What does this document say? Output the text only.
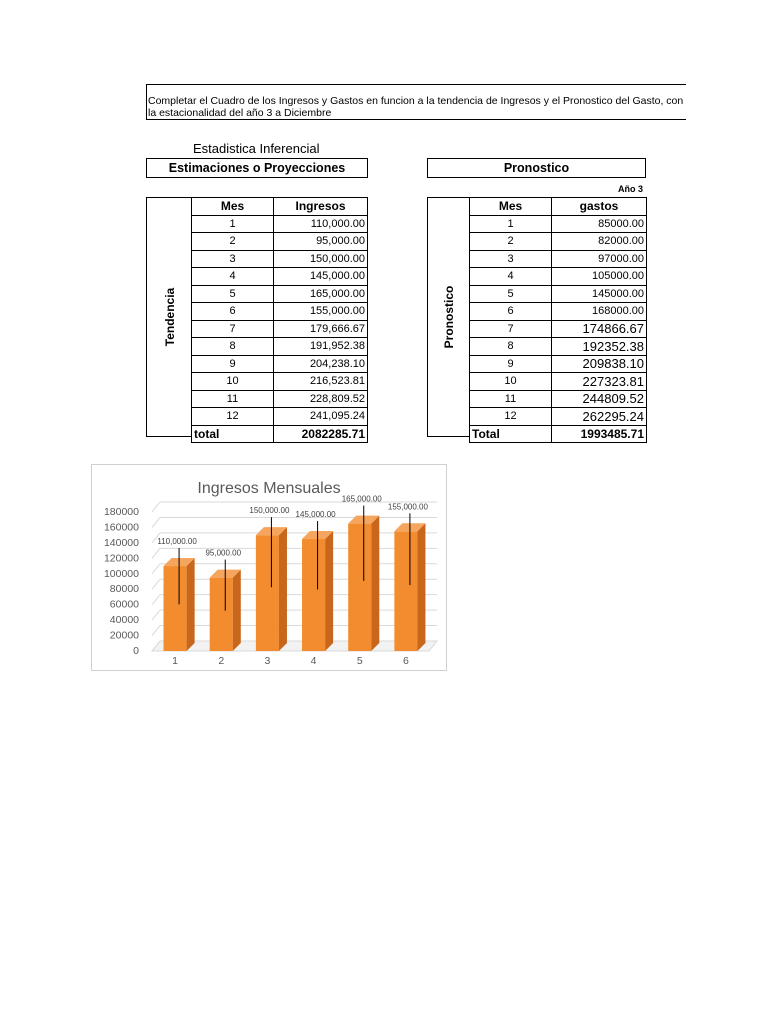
Completar el Cuadro de los Ingresos y Gastos en funcion a la tendencia de Ingresos y el Pronostico del Gasto, con
la estacionalidad del año 3 a Diciembre
Estadistica Inferencial
Estimaciones o Proyecciones	Pronostico
Año 3
Tendencia	Pronostico
Mes	Ingresos
1	110,000.00
2	95,000.00
3	150,000.00
4	145,000.00
5	165,000.00
6	155,000.00
7	179,666.67
8	191,952.38
9	204,238.10
10	216,523.81
11	228,809.52
12	241,095.24
total	2082285.71
Mes	gastos
1	85000.00
2	82000.00
3	97000.00
4	105000.00
5	145000.00
6	168000.00
7	174866.67
8	192352.38
9	209838.10
10	227323.81
11	244809.52
12	262295.24
Total	1993485.71
Ingresos Mensuales
0
20000
40000
60000
80000
100000
120000
140000
160000
180000
110,000.00
1
95,000.00
2
150,000.00
3
145,000.00
4
165,000.00
5
155,000.00
6
